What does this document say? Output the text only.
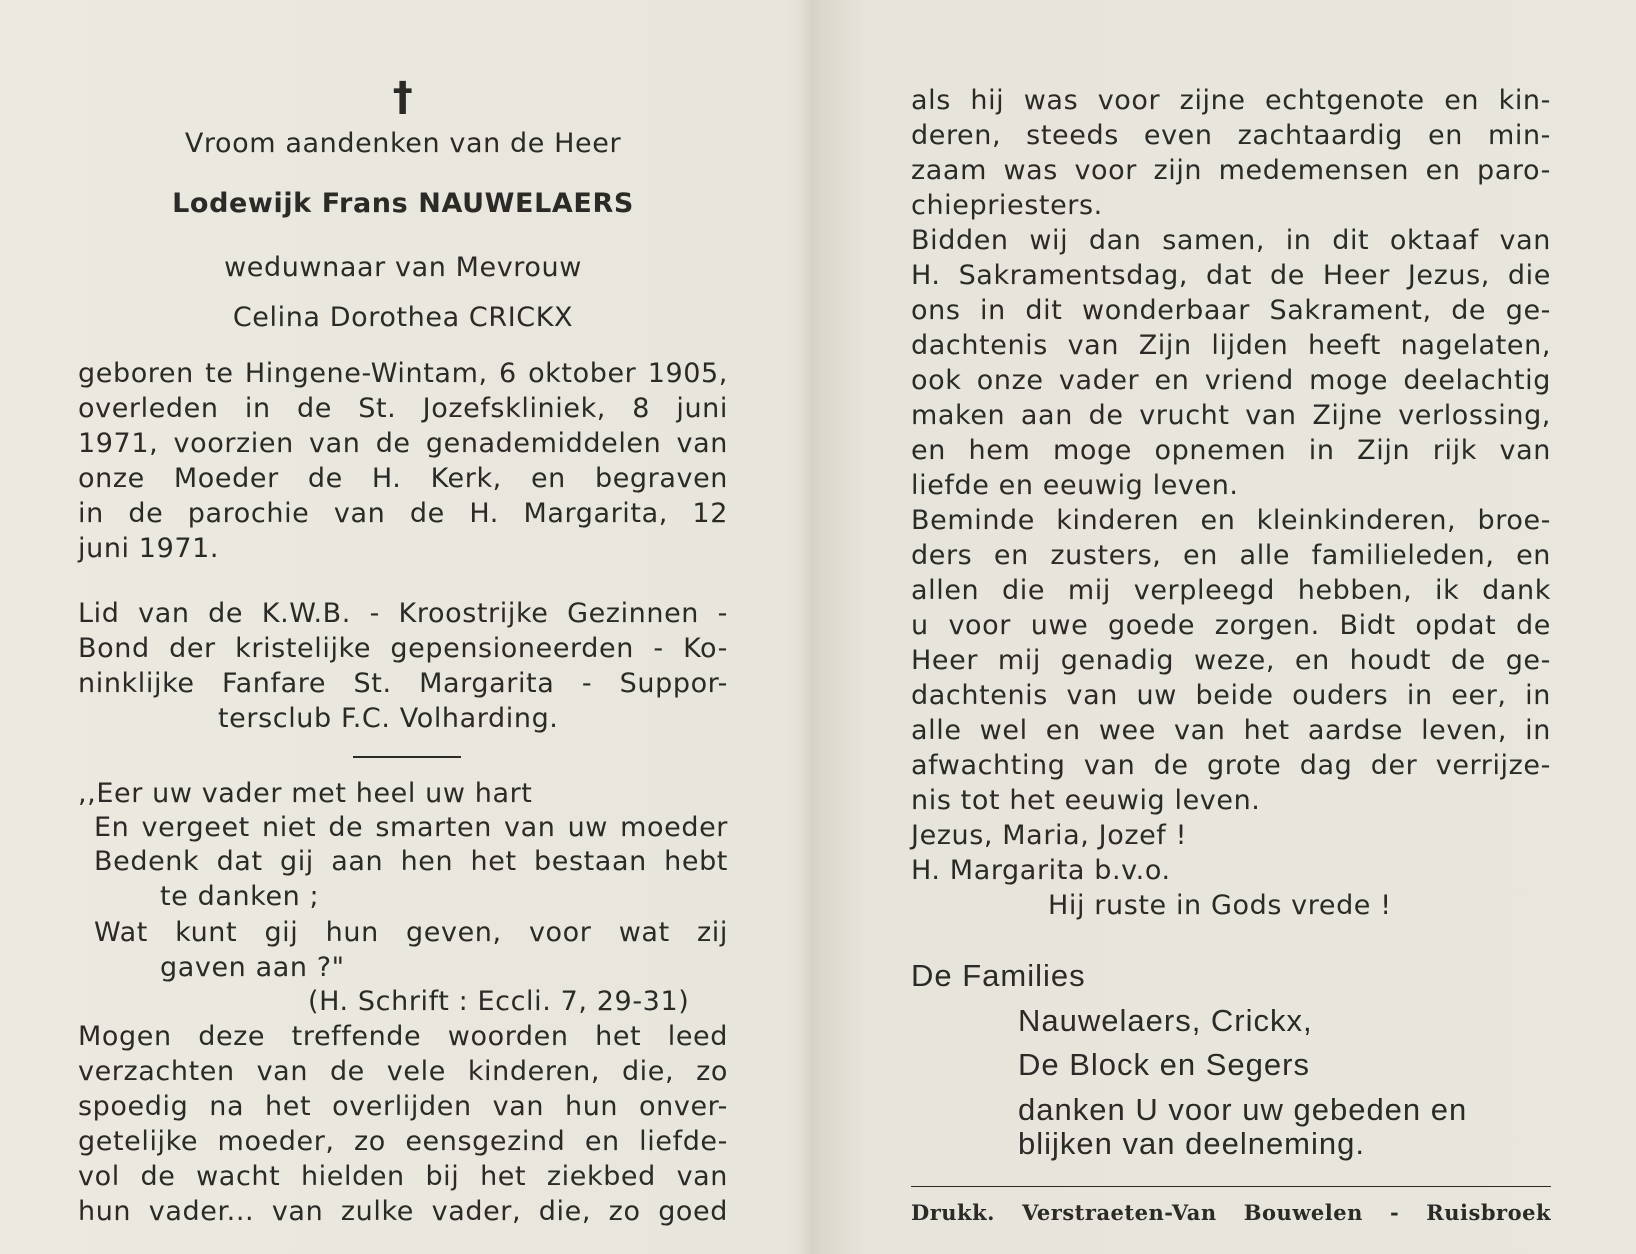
†
Vroom aandenken van de Heer
Lodewijk Frans NAUWELAERS
weduwnaar van Mevrouw
Celina Dorothea CRICKX
geboren te Hingene-Wintam, 6 oktober 1905,
overleden in de St. Jozefskliniek, 8 juni
1971, voorzien van de genademiddelen van
onze Moeder de H. Kerk, en begraven
in de parochie van de H. Margarita, 12
juni 1971.
Lid van de K.W.B. - Kroostrijke Gezinnen -
Bond der kristelijke gepensioneerden - Ko-
ninklijke Fanfare St. Margarita - Suppor-
tersclub F.C. Volharding.
,,Eer uw vader met heel uw hart
En vergeet niet de smarten van uw moeder
Bedenk dat gij aan hen het bestaan hebt
te danken ;
Wat kunt gij hun geven, voor wat zij
gaven aan ?"
(H. Schrift : Eccli. 7, 29-31)
Mogen deze treffende woorden het leed
verzachten van de vele kinderen, die, zo
spoedig na het overlijden van hun onver-
getelijke moeder, zo eensgezind en liefde-
vol de wacht hielden bij het ziekbed van
hun vader... van zulke vader, die, zo goed
als hij was voor zijne echtgenote en kin-
deren, steeds even zachtaardig en min-
zaam was voor zijn medemensen en paro-
chiepriesters.
Bidden wij dan samen, in dit oktaaf van
H. Sakramentsdag, dat de Heer Jezus, die
ons in dit wonderbaar Sakrament, de ge-
dachtenis van Zijn lijden heeft nagelaten,
ook onze vader en vriend moge deelachtig
maken aan de vrucht van Zijne verlossing,
en hem moge opnemen in Zijn rijk van
liefde en eeuwig leven.
Beminde kinderen en kleinkinderen, broe-
ders en zusters, en alle familieleden, en
allen die mij verpleegd hebben, ik dank
u voor uwe goede zorgen. Bidt opdat de
Heer mij genadig weze, en houdt de ge-
dachtenis van uw beide ouders in eer, in
alle wel en wee van het aardse leven, in
afwachting van de grote dag der verrijze-
nis tot het eeuwig leven.
Jezus, Maria, Jozef !
H. Margarita b.v.o.
Hij ruste in Gods vrede !
De Families
Nauwelaers, Crickx,
De Block en Segers
danken U voor uw gebeden en
blijken van deelneming.
Drukk. Verstraeten-Van Bouwelen - Ruisbroek
